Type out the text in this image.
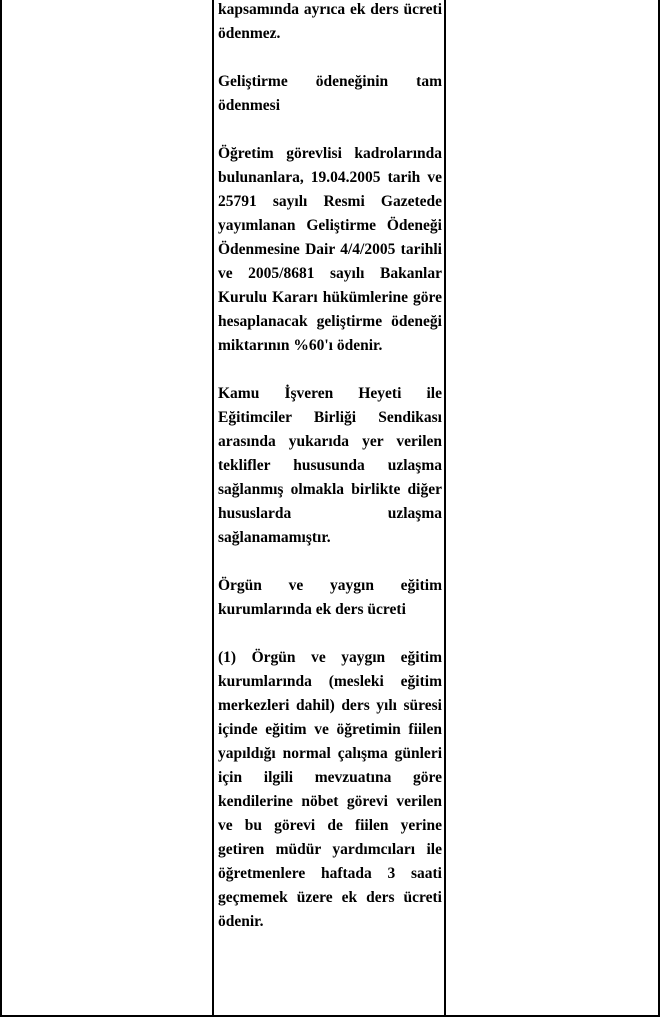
kapsamında ayrıca ek ders ücreti ödenmez.

Geliştirme ödeneğinin tam ödenmesi

Öğretim görevlisi kadrolarında bulunanlara, 19.04.2005 tarih ve 25791 sayılı Resmi Gazetede yayımlanan Geliştirme Ödeneği Ödenmesine Dair 4/4/2005 tarihli ve 2005/8681 sayılı Bakanlar Kurulu Kararı hükümlerine göre hesaplanacak geliştirme ödeneği miktarının %60'ı ödenir.

Kamu İşveren Heyeti ile Eğitimciler Birliği Sendikası arasında yukarıda yer verilen teklifler hususunda uzlaşma sağlanmış olmakla birlikte diğer hususlarda uzlaşma sağlanamamıştır.

Örgün ve yaygın eğitim kurumlarında ek ders ücreti

(1) Örgün ve yaygın eğitim kurumlarında (mesleki eğitim merkezleri dahil) ders yılı süresi içinde eğitim ve öğretimin fiilen yapıldığı normal çalışma günleri için ilgili mevzuatına göre kendilerine nöbet görevi verilen ve bu görevi de fiilen yerine getiren müdür yardımcıları ile öğretmenlere haftada 3 saati geçmemek üzere ek ders ücreti ödenir.
